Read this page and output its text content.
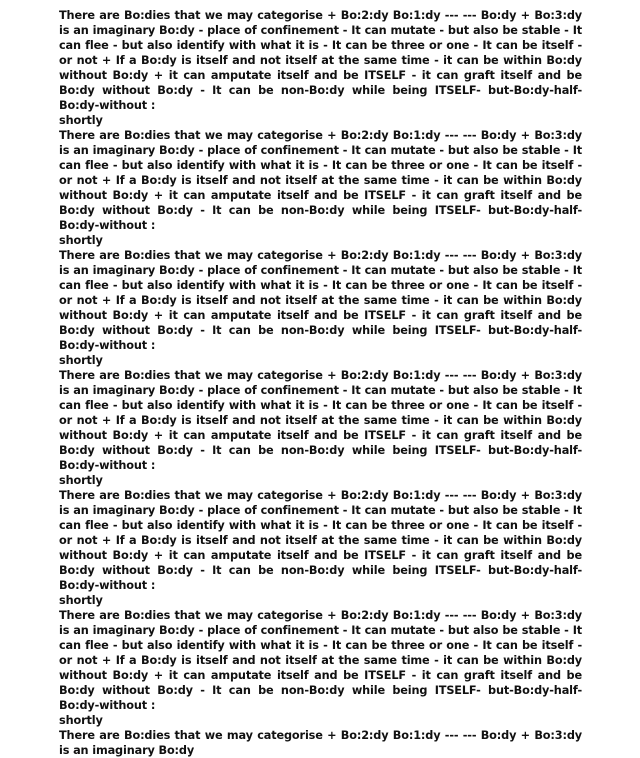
There are Bo:dies that we may categorise + Bo:2:dy Bo:1:dy --- --- Bo:dy + Bo:3:dy is an imaginary Bo:dy - place of confinement - It can mutate - but also be stable - It can flee - but also identify with what it is - It can be three or one - It can be itself - or not + If a Bo:dy is itself and not itself at the same time - it can be within Bo:dy without Bo:dy + it can amputate itself and be ITSELF - it can graft itself and be Bo:dy without Bo:dy - It can be non-Bo:dy while being ITSELF- but-Bo:dy-half-Bo:dy-without :
shortly

There are Bo:dies that we may categorise + Bo:2:dy Bo:1:dy --- --- Bo:dy + Bo:3:dy is an imaginary Bo:dy - place of confinement - It can mutate - but also be stable - It can flee - but also identify with what it is - It can be three or one - It can be itself - or not + If a Bo:dy is itself and not itself at the same time - it can be within Bo:dy without Bo:dy + it can amputate itself and be ITSELF - it can graft itself and be Bo:dy without Bo:dy - It can be non-Bo:dy while being ITSELF- but-Bo:dy-half-Bo:dy-without :
shortly

There are Bo:dies that we may categorise + Bo:2:dy Bo:1:dy --- --- Bo:dy + Bo:3:dy is an imaginary Bo:dy - place of confinement - It can mutate - but also be stable - It can flee - but also identify with what it is - It can be three or one - It can be itself - or not + If a Bo:dy is itself and not itself at the same time - it can be within Bo:dy without Bo:dy + it can amputate itself and be ITSELF - it can graft itself and be Bo:dy without Bo:dy - It can be non-Bo:dy while being ITSELF- but-Bo:dy-half-Bo:dy-without :
shortly

There are Bo:dies that we may categorise + Bo:2:dy Bo:1:dy --- --- Bo:dy + Bo:3:dy is an imaginary Bo:dy - place of confinement - It can mutate - but also be stable - It can flee - but also identify with what it is - It can be three or one - It can be itself - or not + If a Bo:dy is itself and not itself at the same time - it can be within Bo:dy without Bo:dy + it can amputate itself and be ITSELF - it can graft itself and be Bo:dy without Bo:dy - It can be non-Bo:dy while being ITSELF- but-Bo:dy-half-Bo:dy-without :
shortly

There are Bo:dies that we may categorise + Bo:2:dy Bo:1:dy --- --- Bo:dy + Bo:3:dy is an imaginary Bo:dy - place of confinement - It can mutate - but also be stable - It can flee - but also identify with what it is - It can be three or one - It can be itself - or not + If a Bo:dy is itself and not itself at the same time - it can be within Bo:dy without Bo:dy + it can amputate itself and be ITSELF - it can graft itself and be Bo:dy without Bo:dy - It can be non-Bo:dy while being ITSELF- but-Bo:dy-half-Bo:dy-without :
shortly

There are Bo:dies that we may categorise + Bo:2:dy Bo:1:dy --- --- Bo:dy + Bo:3:dy is an imaginary Bo:dy - place of confinement - It can mutate - but also be stable - It can flee - but also identify with what it is - It can be three or one - It can be itself - or not + If a Bo:dy is itself and not itself at the same time - it can be within Bo:dy without Bo:dy + it can amputate itself and be ITSELF - it can graft itself and be Bo:dy without Bo:dy - It can be non-Bo:dy while being ITSELF- but-Bo:dy-half-Bo:dy-without :
shortly

There are Bo:dies that we may categorise + Bo:2:dy Bo:1:dy --- --- Bo:dy + Bo:3:dy is an imaginary Bo:dy
